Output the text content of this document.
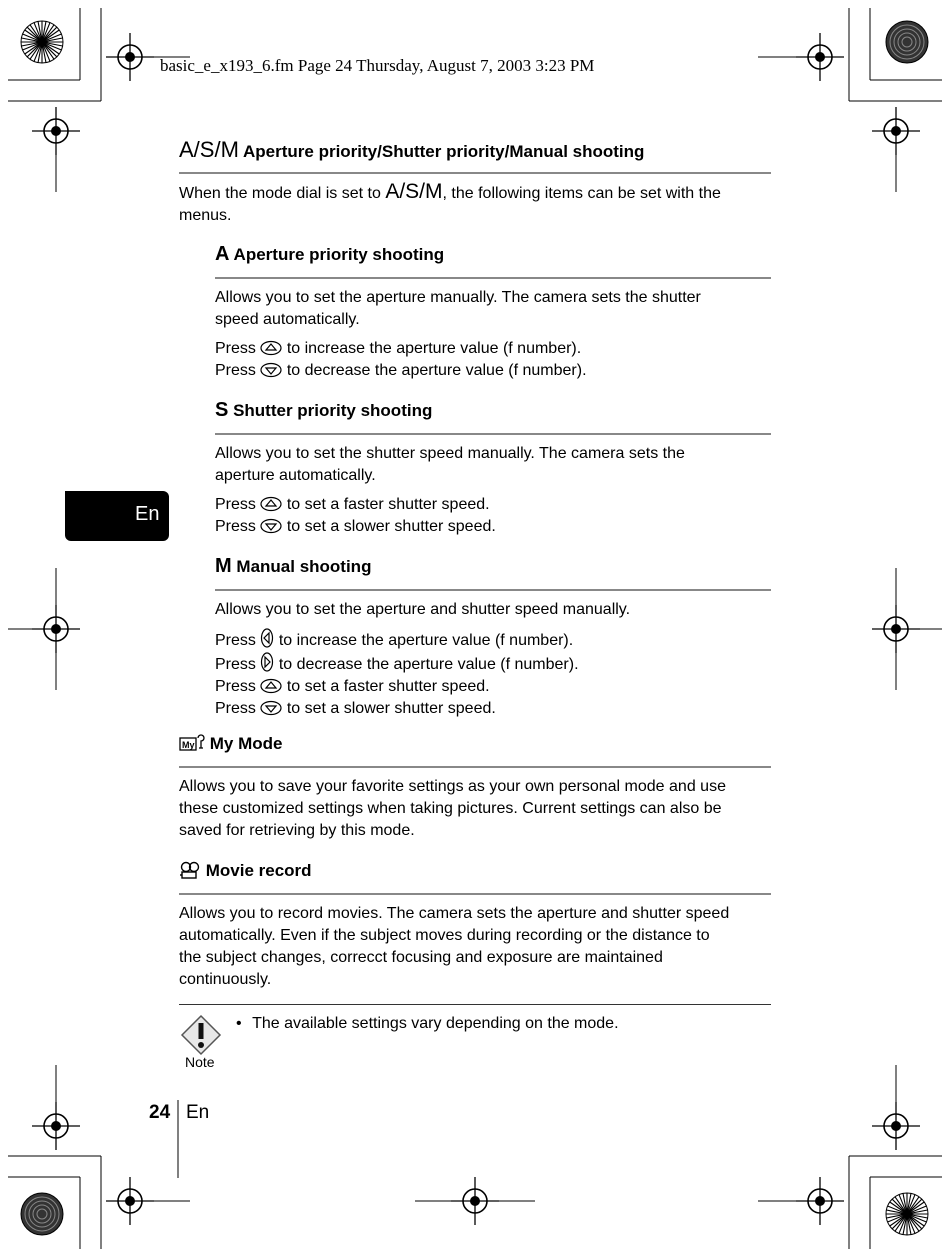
basic_e_x193_6.fm Page 24 Thursday, August 7, 2003 3:23 PM
En
A/S/M Aperture priority/Shutter priority/Manual shooting
When the mode dial is set to A/S/M, the following items can be set with the
menus.
A Aperture priority shooting
Allows you to set the aperture manually. The camera sets the shutter
speed automatically.
Press to increase the aperture value (f number).
Press to decrease the aperture value (f number).
S Shutter priority shooting
Allows you to set the shutter speed manually. The camera sets the
aperture automatically.
Press to set a faster shutter speed.
Press to set a slower shutter speed.
M Manual shooting
Allows you to set the aperture and shutter speed manually.
Press to increase the aperture value (f number).
Press to decrease the aperture value (f number).
Press to set a faster shutter speed.
Press to set a slower shutter speed.
My My Mode
Allows you to save your favorite settings as your own personal mode and use
these customized settings when taking pictures. Current settings can also be
saved for retrieving by this mode.
Movie record
Allows you to record movies. The camera sets the aperture and shutter speed
automatically. Even if the subject moves during recording or the distance to
the subject changes, correcct focusing and exposure are maintained
continuously.
Note
• The available settings vary depending on the mode.
24 En
